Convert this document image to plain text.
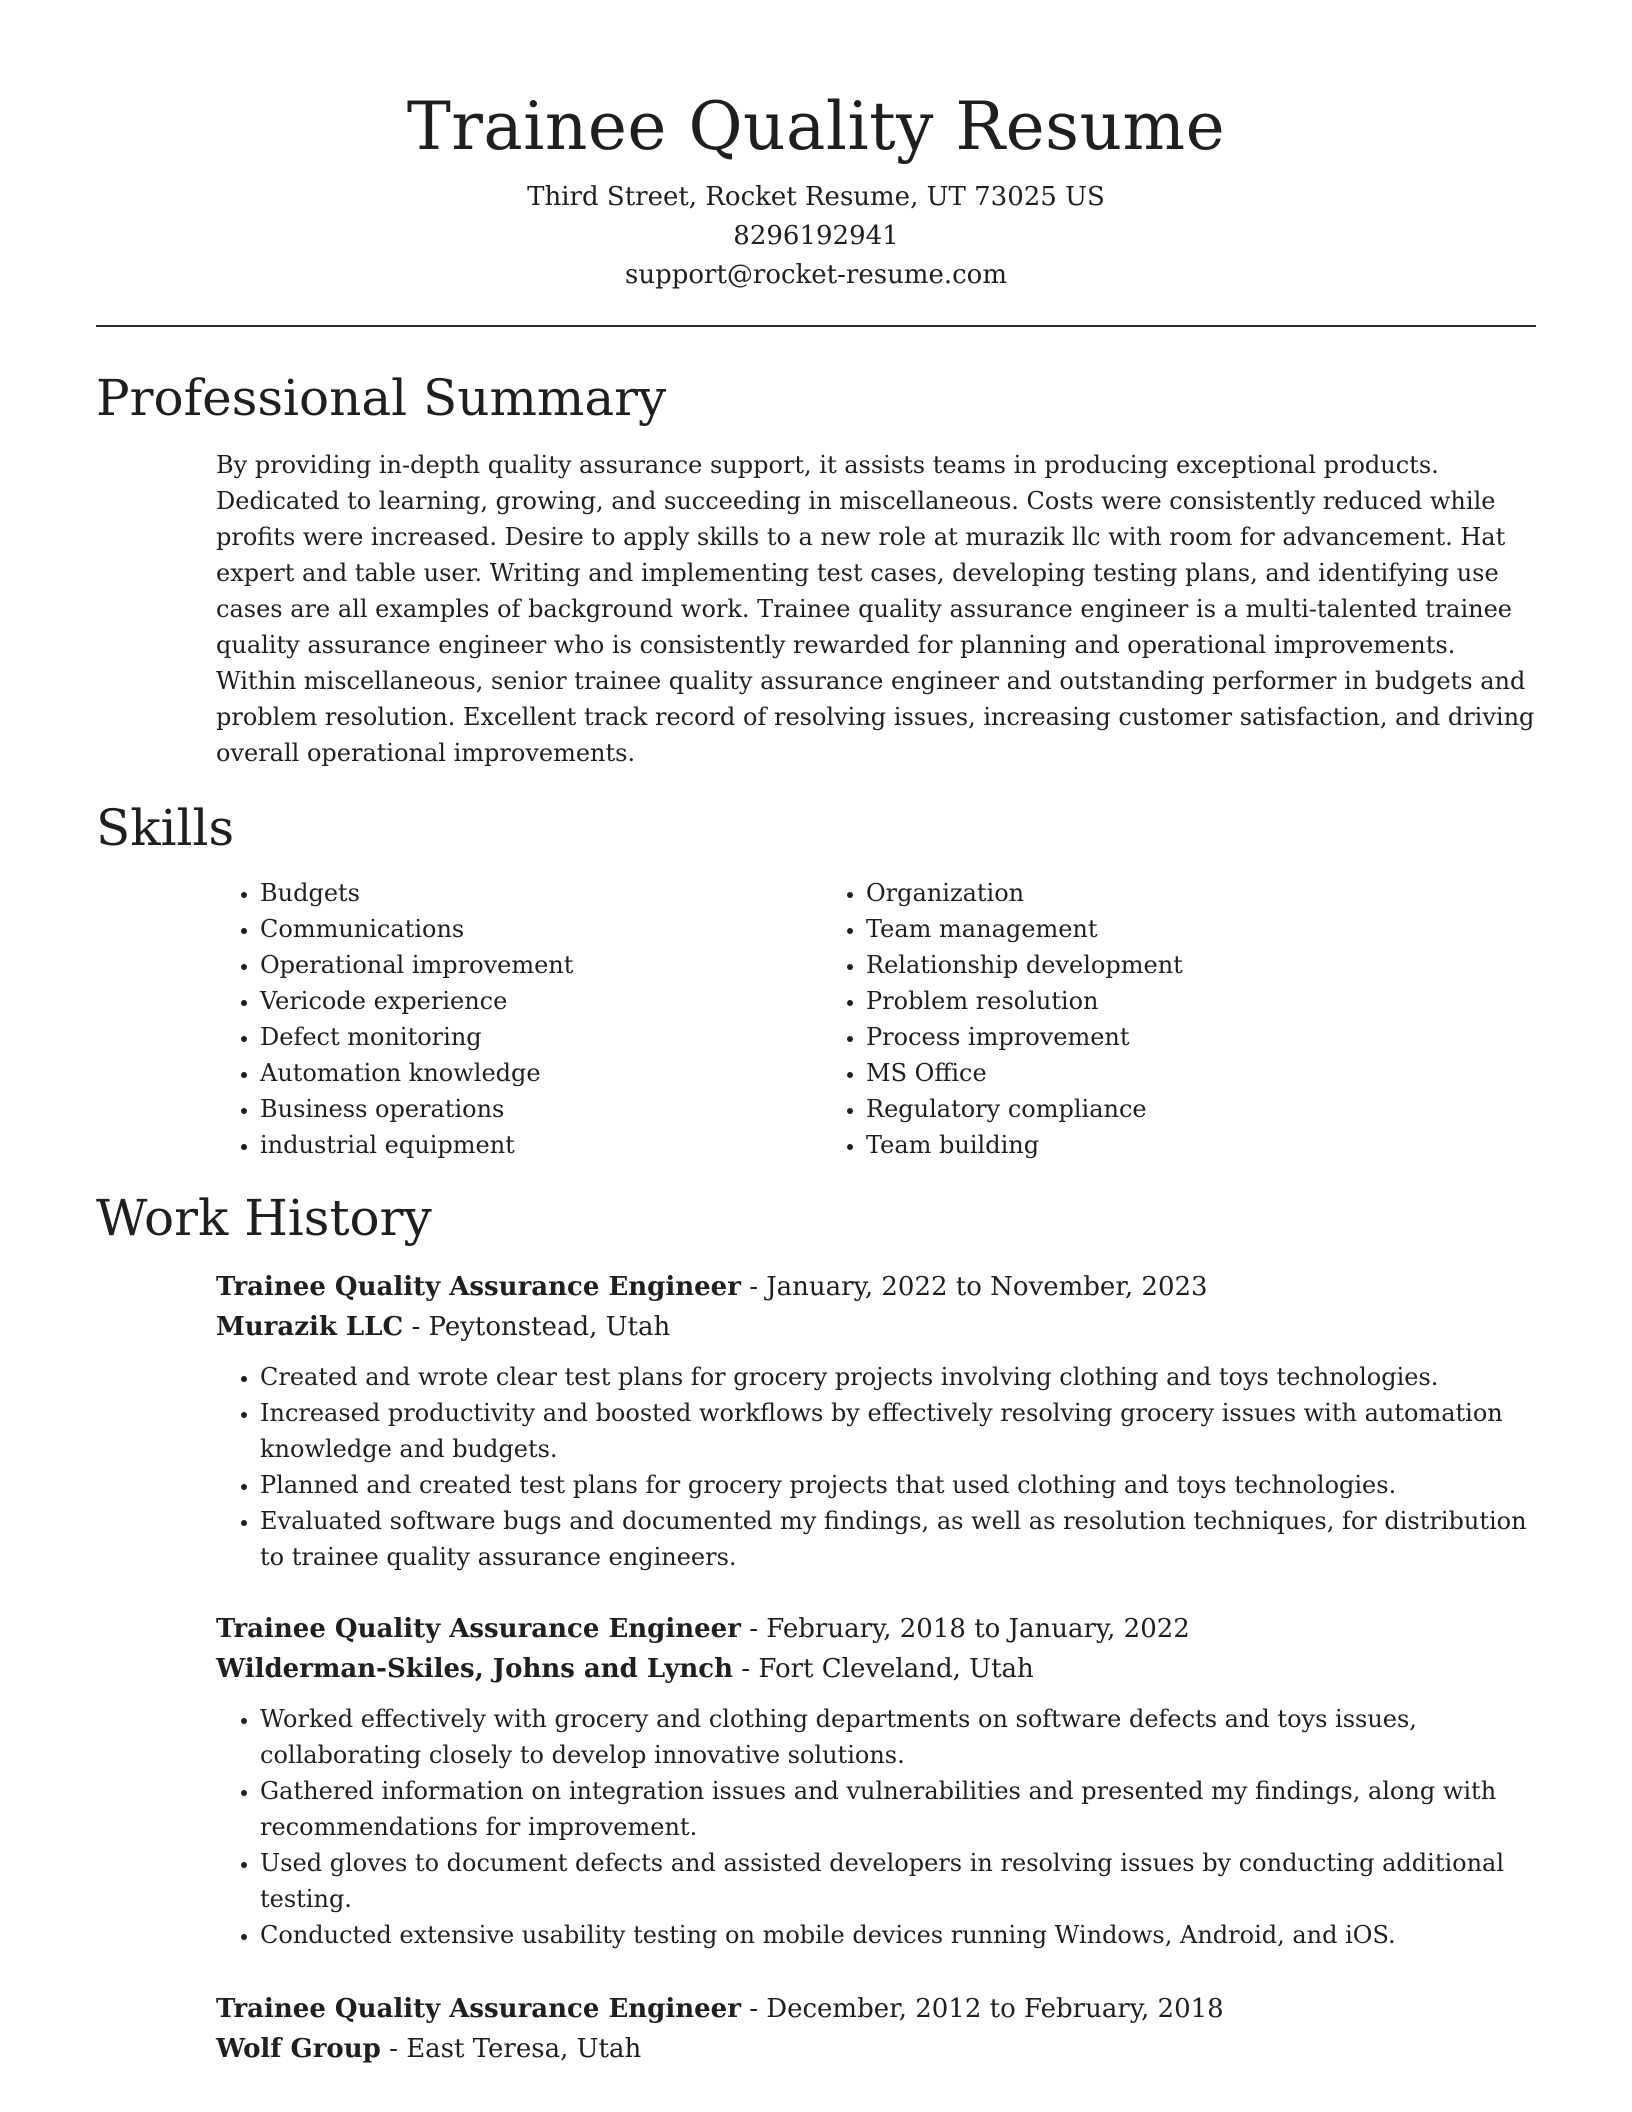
Trainee Quality Resume
Third Street, Rocket Resume, UT 73025 US
8296192941
support@rocket-resume.com
Professional Summary

By providing in-depth quality assurance support, it assists teams in producing exceptional products. Dedicated to learning, growing, and succeeding in miscellaneous. Costs were consistently reduced while profits were increased. Desire to apply skills to a new role at murazik llc with room for advancement. Hat expert and table user. Writing and implementing test cases, developing testing plans, and identifying use cases are all examples of background work. Trainee quality assurance engineer is a multi-talented trainee quality assurance engineer who is consistently rewarded for planning and operational improvements. Within miscellaneous, senior trainee quality assurance engineer and outstanding performer in budgets and problem resolution. Excellent track record of resolving issues, increasing customer satisfaction, and driving overall operational improvements.

Skills
• Budgets
• Communications
• Operational improvement
• Vericode experience
• Defect monitoring
• Automation knowledge
• Business operations
• industrial equipment
• Organization
• Team management
• Relationship development
• Problem resolution
• Process improvement
• MS Office
• Regulatory compliance
• Team building
Work History
Trainee Quality Assurance Engineer - January, 2022 to November, 2023
Murazik LLC - Peytonstead, Utah
• Created and wrote clear test plans for grocery projects involving clothing and toys technologies.
• Increased productivity and boosted workflows by effectively resolving grocery issues with automation knowledge and budgets.
• Planned and created test plans for grocery projects that used clothing and toys technologies.
• Evaluated software bugs and documented my findings, as well as resolution techniques, for distribution to trainee quality assurance engineers.
Trainee Quality Assurance Engineer - February, 2018 to January, 2022
Wilderman-Skiles, Johns and Lynch - Fort Cleveland, Utah
• Worked effectively with grocery and clothing departments on software defects and toys issues, collaborating closely to develop innovative solutions.
• Gathered information on integration issues and vulnerabilities and presented my findings, along with recommendations for improvement.
• Used gloves to document defects and assisted developers in resolving issues by conducting additional testing.
• Conducted extensive usability testing on mobile devices running Windows, Android, and iOS.
Trainee Quality Assurance Engineer - December, 2012 to February, 2018
Wolf Group - East Teresa, Utah
